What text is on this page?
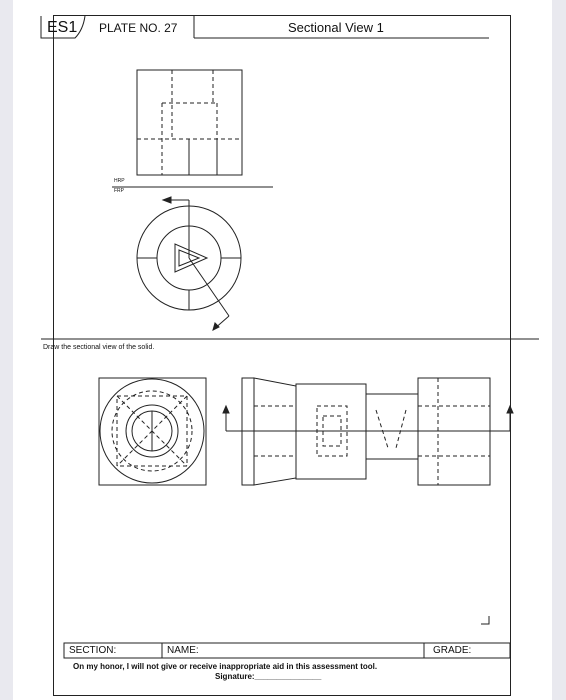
ES1 PLATE NO. 27	Sectional View 1
HRP
FRP
Draw the sectional view of the solid.
SECTION:	NAME:	GRADE:
On my honor, I will not give or receive inappropriate aid in this assessment tool.
Signature:_______________
